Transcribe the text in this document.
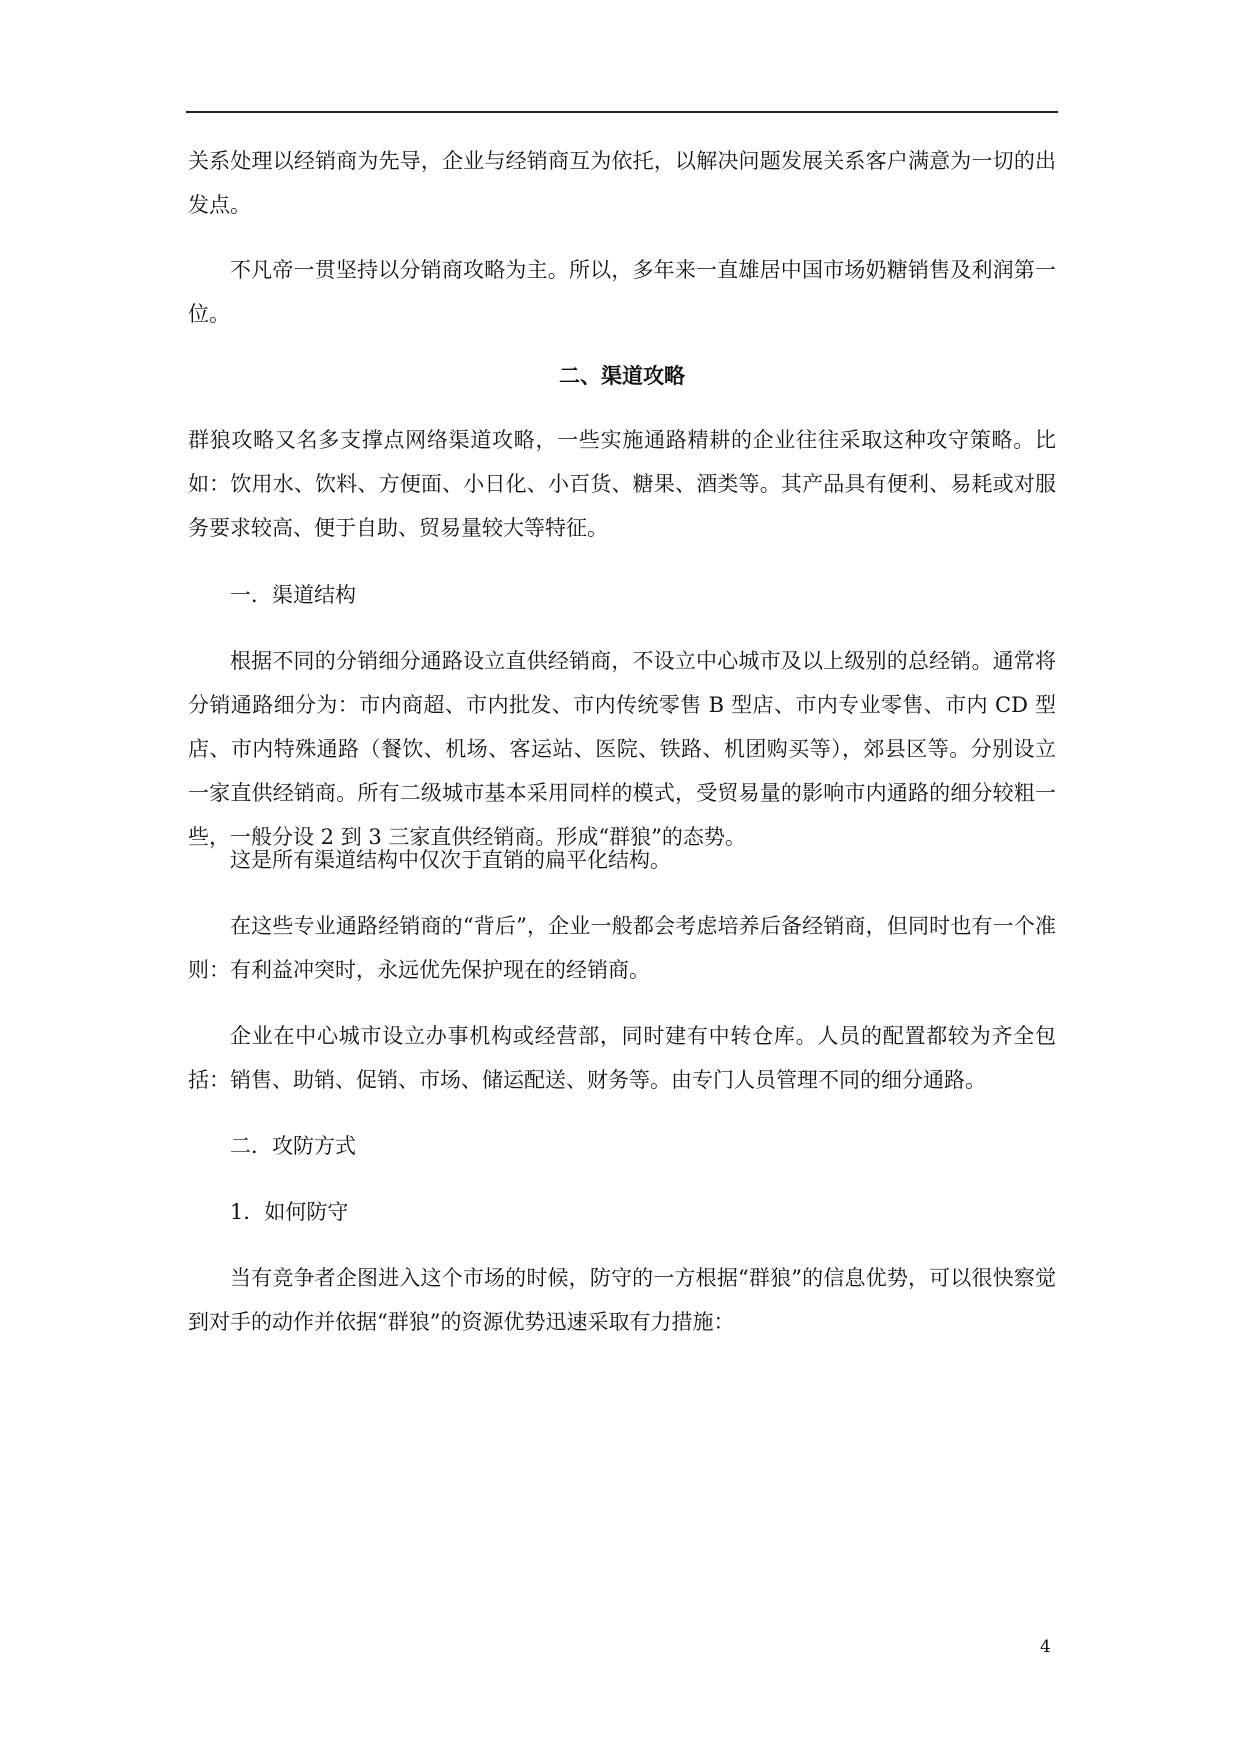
关系处理以经销商为先导，企业与经销商互为依托，以解决问题发展关系客户满意为一切的出发点。

不凡帝一贯坚持以分销商攻略为主。所以，多年来一直雄居中国市场奶糖销售及利润第一位。

二、渠道攻略

群狼攻略又名多支撑点网络渠道攻略，一些实施通路精耕的企业往往采取这种攻守策略。比如：饮用水、饮料、方便面、小日化、小百货、糖果、酒类等。其产品具有便利、易耗或对服务要求较高、便于自助、贸易量较大等特征。

一．渠道结构

根据不同的分销细分通路设立直供经销商，不设立中心城市及以上级别的总经销。通常将分销通路细分为：市内商超、市内批发、市内传统零售 B 型店、市内专业零售、市内 CD 型店、市内特殊通路（餐饮、机场、客运站、医院、铁路、机团购买等），郊县区等。分别设立一家直供经销商。所有二级城市基本采用同样的模式，受贸易量的影响市内通路的细分较粗一些，一般分设 2 到 3 三家直供经销商。形成“群狼”的态势。

这是所有渠道结构中仅次于直销的扁平化结构。

在这些专业通路经销商的“背后”，企业一般都会考虑培养后备经销商，但同时也有一个准则：有利益冲突时，永远优先保护现在的经销商。

企业在中心城市设立办事机构或经营部，同时建有中转仓库。人员的配置都较为齐全包括：销售、助销、促销、市场、储运配送、财务等。由专门人员管理不同的细分通路。

二．攻防方式

1．如何防守

当有竞争者企图进入这个市场的时候，防守的一方根据“群狼”的信息优势，可以很快察觉到对手的动作并依据“群狼”的资源优势迅速采取有力措施：

4
